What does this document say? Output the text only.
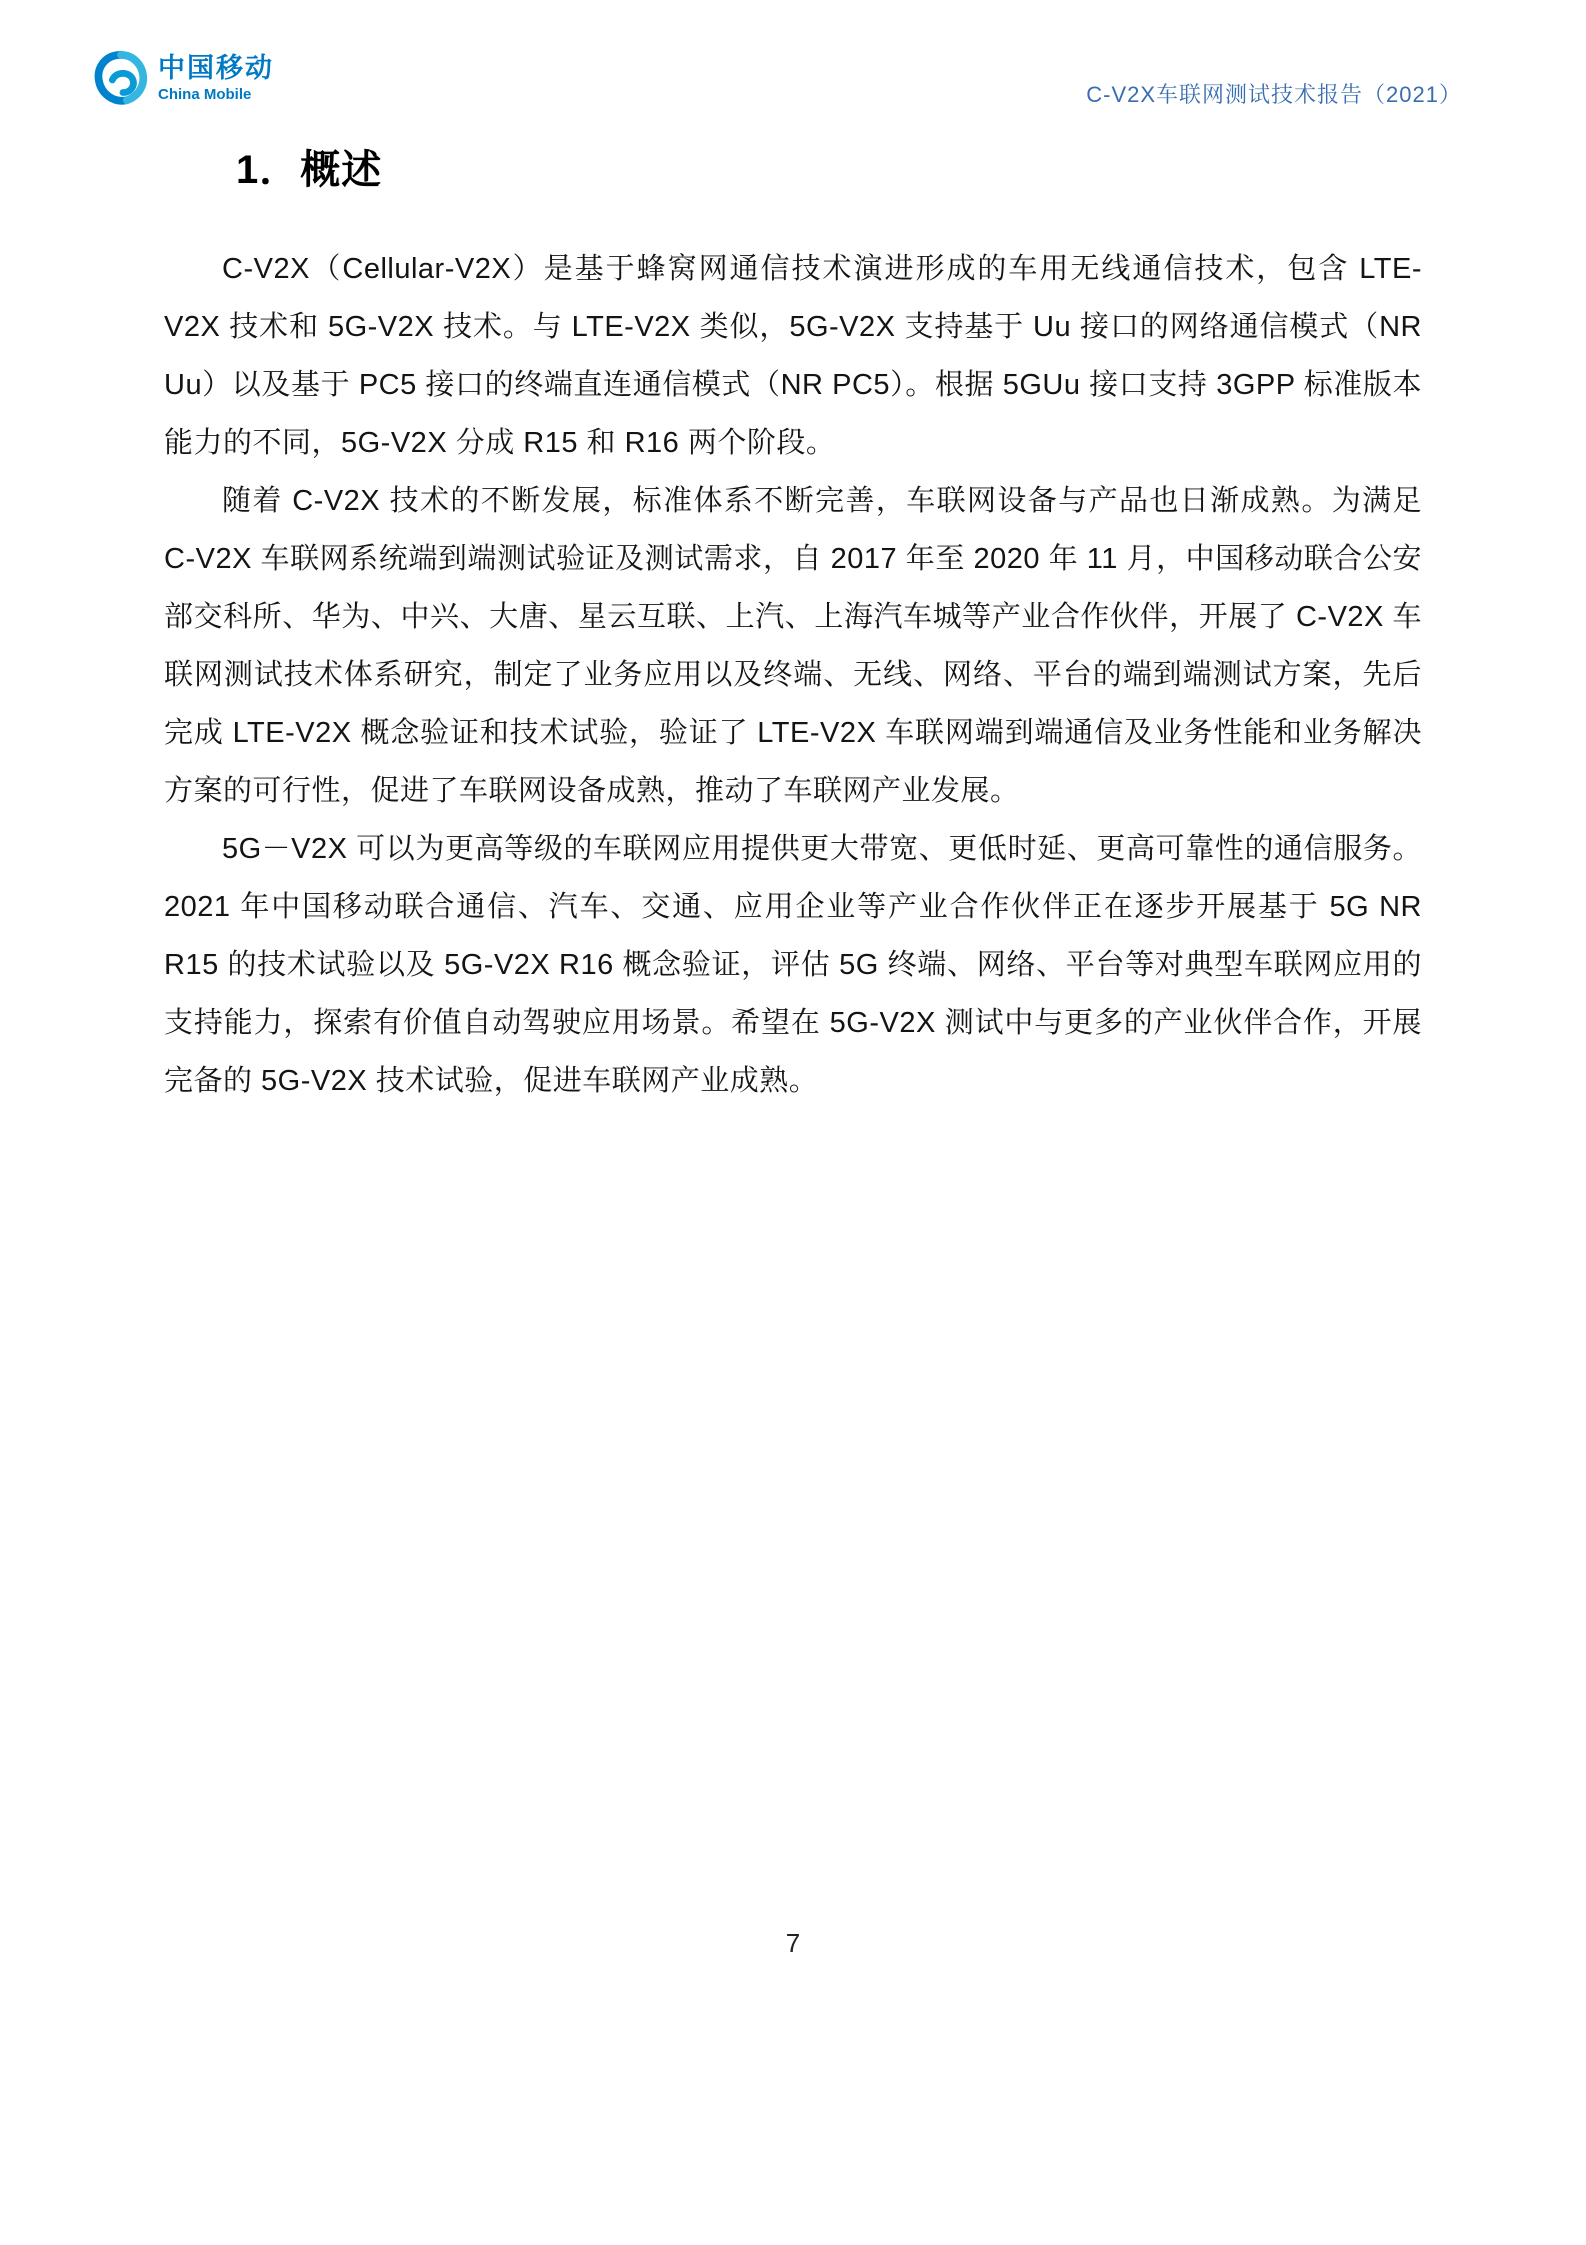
中国移动
China Mobile	C-V2X车联网测试技术报告（2021）
1．概述

C-V2X（Cellular-V2X）是基于蜂窝网通信技术演进形成的车用无线通信技术，包含 LTE-V2X 技术和 5G-V2X 技术。与 LTE-V2X 类似，5G-V2X 支持基于 Uu 接口的网络通信模式（NR Uu）以及基于 PC5 接口的终端直连通信模式（NR PC5）。根据 5GUu 接口支持 3GPP 标准版本能力的不同，5G-V2X 分成 R15 和 R16 两个阶段。

随着 C-V2X 技术的不断发展，标准体系不断完善，车联网设备与产品也日渐成熟。为满足 C-V2X 车联网系统端到端测试验证及测试需求，自 2017 年至 2020 年 11 月，中国移动联合公安部交科所、华为、中兴、大唐、星云互联、上汽、上海汽车城等产业合作伙伴，开展了 C-V2X 车联网测试技术体系研究，制定了业务应用以及终端、无线、网络、平台的端到端测试方案，先后完成 LTE-V2X 概念验证和技术试验，验证了 LTE-V2X 车联网端到端通信及业务性能和业务解决方案的可行性，促进了车联网设备成熟，推动了车联网产业发展。

5G－V2X 可以为更高等级的车联网应用提供更大带宽、更低时延、更高可靠性的通信服务。2021 年中国移动联合通信、汽车、交通、应用企业等产业合作伙伴正在逐步开展基于 5G NR R15 的技术试验以及 5G-V2X R16 概念验证，评估 5G 终端、网络、平台等对典型车联网应用的支持能力，探索有价值自动驾驶应用场景。希望在 5G-V2X 测试中与更多的产业伙伴合作，开展完备的 5G-V2X 技术试验，促进车联网产业成熟。

7
